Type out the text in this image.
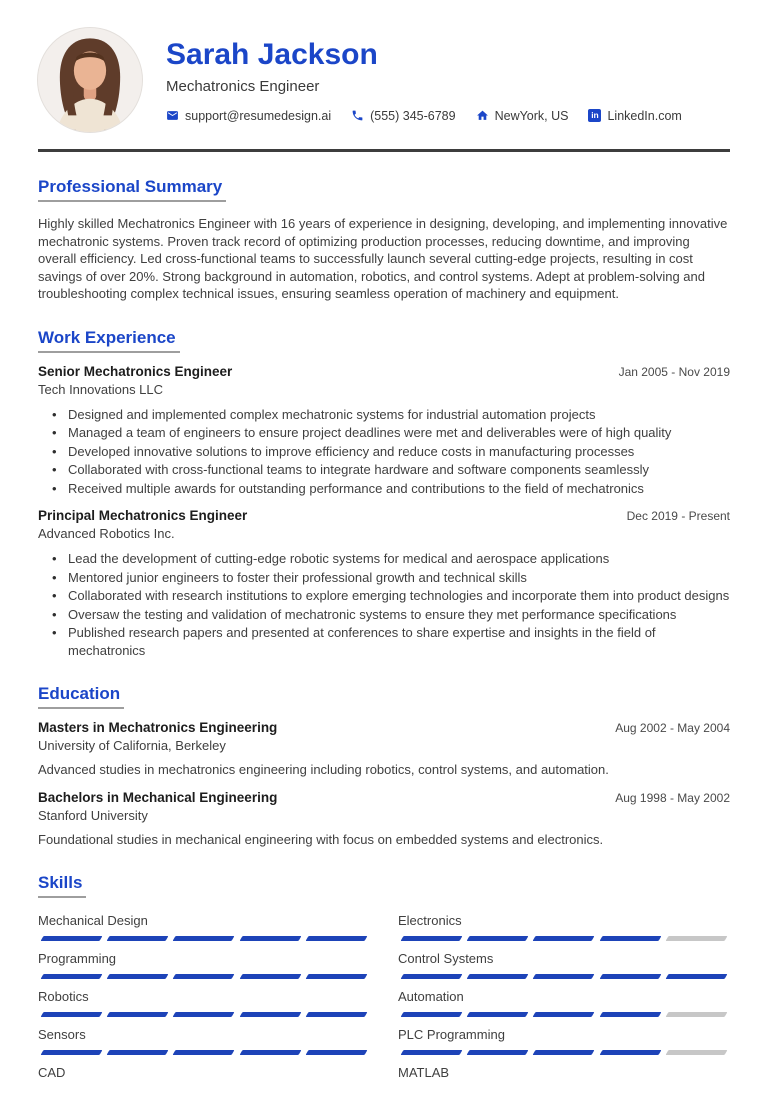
Sarah Jackson
Mechatronics Engineer
support@resumedesign.ai	(555) 345-6789	NewYork, US	in LinkedIn.com
Professional Summary

Highly skilled Mechatronics Engineer with 16 years of experience in designing, developing, and implementing innovative mechatronic systems. Proven track record of optimizing production processes, reducing downtime, and improving overall efficiency. Led cross-functional teams to successfully launch several cutting-edge projects, resulting in cost savings of over 20%. Strong background in automation, robotics, and control systems. Adept at problem-solving and troubleshooting complex technical issues, ensuring seamless operation of machinery and equipment.

Work Experience
Senior Mechatronics Engineer	Jan 2005 - Nov 2019
Tech Innovations LLC
• Designed and implemented complex mechatronic systems for industrial automation projects
• Managed a team of engineers to ensure project deadlines were met and deliverables were of high quality
• Developed innovative solutions to improve efficiency and reduce costs in manufacturing processes
• Collaborated with cross-functional teams to integrate hardware and software components seamlessly
• Received multiple awards for outstanding performance and contributions to the field of mechatronics
Principal Mechatronics Engineer	Dec 2019 - Present
Advanced Robotics Inc.
• Lead the development of cutting-edge robotic systems for medical and aerospace applications
• Mentored junior engineers to foster their professional growth and technical skills
• Collaborated with research institutions to explore emerging technologies and incorporate them into product designs
• Oversaw the testing and validation of mechatronic systems to ensure they met performance specifications
• Published research papers and presented at conferences to share expertise and insights in the field of mechatronics
Education
Masters in Mechatronics Engineering	Aug 2002 - May 2004
University of California, Berkeley

Advanced studies in mechatronics engineering including robotics, control systems, and automation.

Bachelors in Mechanical Engineering	Aug 1998 - May 2002
Stanford University

Foundational studies in mechanical engineering with focus on embedded systems and electronics.

Skills
Mechanical Design	Electronics
Programming	Control Systems
Robotics	Automation
Sensors	PLC Programming
CAD	MATLAB
